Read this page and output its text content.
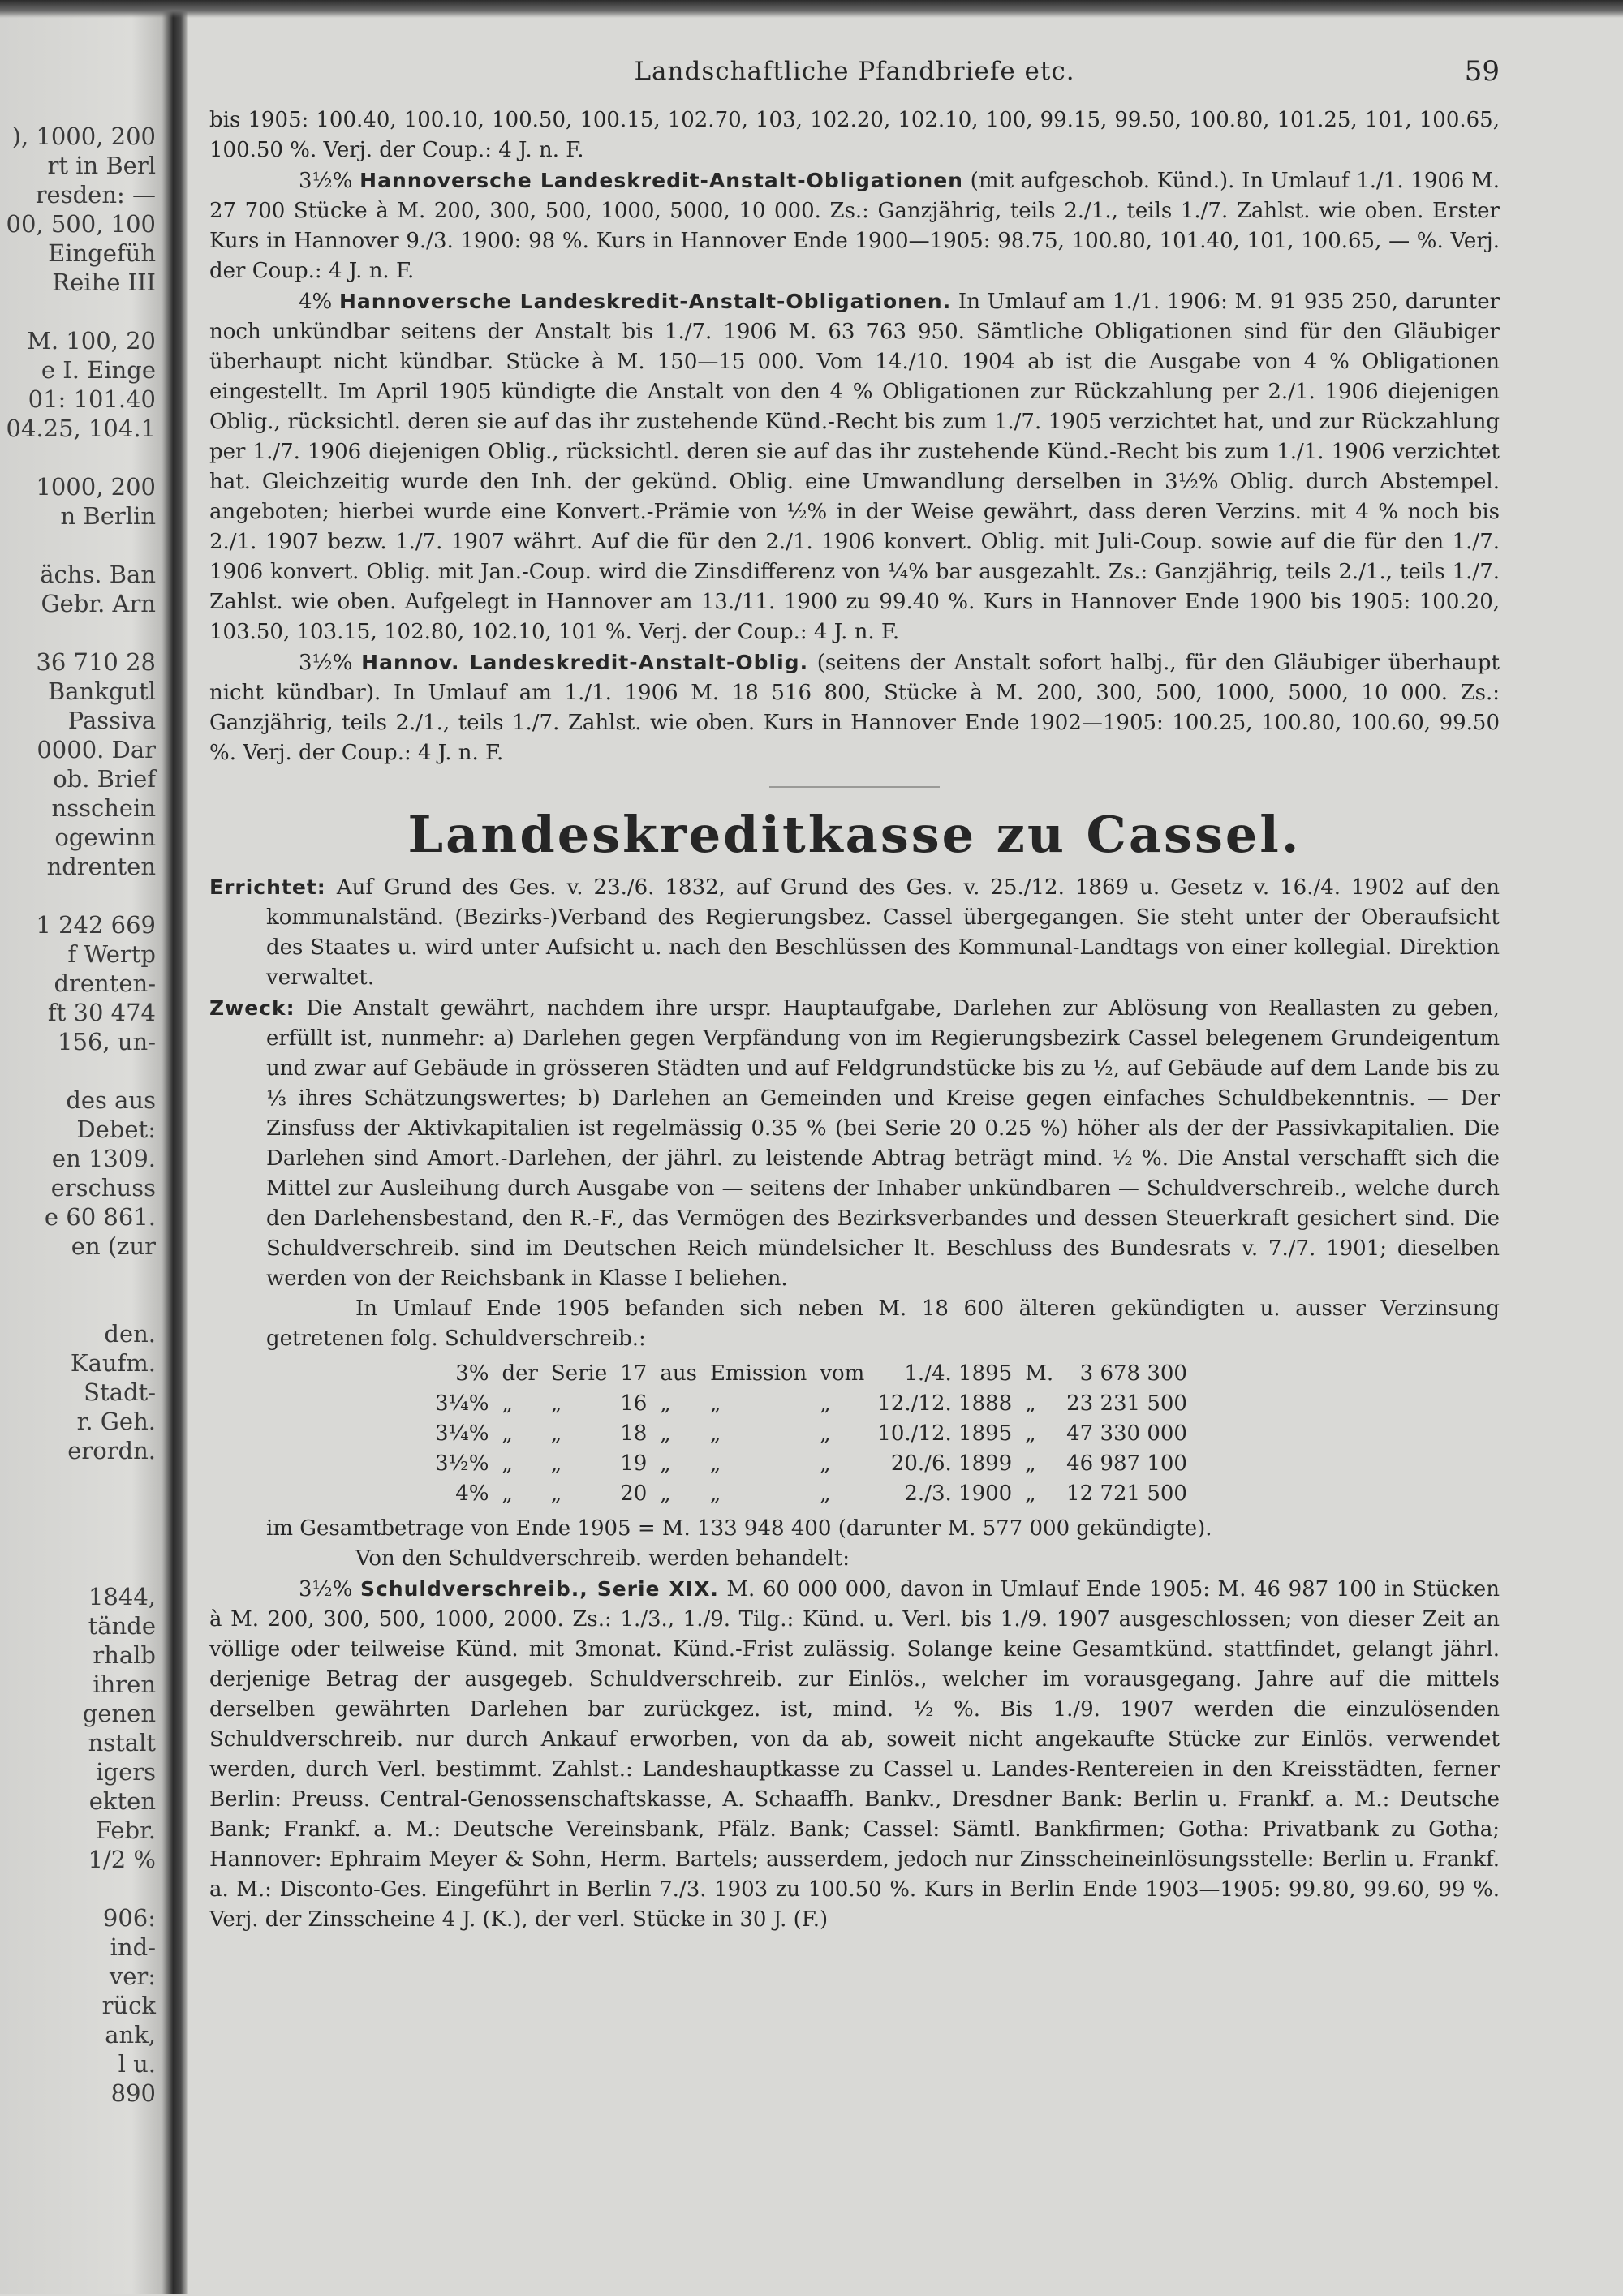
), 1000, 200
rt in Berl
resden: —
00, 500, 100
Eingefüh
Reihe III
M. 100, 20
e I. Einge
01: 101.40
04.25, 104.1
1000, 200
n Berlin
ächs. Ban
Gebr. Arn
36 710 28
Bankgutl
Passiva
0000. Dar
ob. Brief
nsschein
ogewinn
ndrenten
1 242 669
f Wertp
drenten-
ft 30 474
156, un-
des aus
Debet:
en 1309.
erschuss
e 60 861.
en (zur
den.
Kaufm.
Stadt-
r. Geh.
erordn.
1844,
tände
rhalb
ihren
genen
nstalt
igers
ekten
Febr.
1/2 %
906:
ind-
ver:
rück
ank,
l u.
890
Landschaftliche Pfandbriefe etc.	59

bis 1905: 100.40, 100.10, 100.50, 100.15, 102.70, 103, 102.20, 102.10, 100, 99.15, 99.50, 100.80, 101.25, 101, 100.65, 100.50 %. Verj. der Coup.: 4 J. n. F.

3½% Hannoversche Landeskredit-Anstalt-Obligationen (mit aufgeschob. Künd.). In Umlauf 1./1. 1906 M. 27 700 Stücke à M. 200, 300, 500, 1000, 5000, 10 000. Zs.: Ganzjährig, teils 2./1., teils 1./7. Zahlst. wie oben. Erster Kurs in Hannover 9./3. 1900: 98 %. Kurs in Hannover Ende 1900—1905: 98.75, 100.80, 101.40, 101, 100.65, — %. Verj. der Coup.: 4 J. n. F.

4% Hannoversche Landeskredit-Anstalt-Obligationen. In Umlauf am 1./1. 1906: M. 91 935 250, darunter noch unkündbar seitens der Anstalt bis 1./7. 1906 M. 63 763 950. Sämtliche Obligationen sind für den Gläubiger überhaupt nicht kündbar. Stücke à M. 150—15 000. Vom 14./10. 1904 ab ist die Ausgabe von 4 % Obligationen eingestellt. Im April 1905 kündigte die Anstalt von den 4 % Obligationen zur Rückzahlung per 2./1. 1906 diejenigen Oblig., rücksichtl. deren sie auf das ihr zustehende Künd.-Recht bis zum 1./7. 1905 verzichtet hat, und zur Rückzahlung per 1./7. 1906 diejenigen Oblig., rücksichtl. deren sie auf das ihr zustehende Künd.-Recht bis zum 1./1. 1906 verzichtet hat. Gleichzeitig wurde den Inh. der gekünd. Oblig. eine Umwandlung derselben in 3½% Oblig. durch Abstempel. angeboten; hierbei wurde eine Konvert.-Prämie von ½% in der Weise gewährt, dass deren Verzins. mit 4 % noch bis 2./1. 1907 bezw. 1./7. 1907 währt. Auf die für den 2./1. 1906 konvert. Oblig. mit Juli-Coup. sowie auf die für den 1./7. 1906 konvert. Oblig. mit Jan.-Coup. wird die Zinsdifferenz von ¼% bar ausgezahlt. Zs.: Ganzjährig, teils 2./1., teils 1./7. Zahlst. wie oben. Aufgelegt in Hannover am 13./11. 1900 zu 99.40 %. Kurs in Hannover Ende 1900 bis 1905: 100.20, 103.50, 103.15, 102.80, 102.10, 101 %. Verj. der Coup.: 4 J. n. F.

3½% Hannov. Landeskredit-Anstalt-Oblig. (seitens der Anstalt sofort halbj., für den Gläubiger überhaupt nicht kündbar). In Umlauf am 1./1. 1906 M. 18 516 800, Stücke à M. 200, 300, 500, 1000, 5000, 10 000. Zs.: Ganzjährig, teils 2./1., teils 1./7. Zahlst. wie oben. Kurs in Hannover Ende 1902—1905: 100.25, 100.80, 100.60, 99.50 %. Verj. der Coup.: 4 J. n. F.

Landeskreditkasse zu Cassel.

Errichtet: Auf Grund des Ges. v. 23./6. 1832, auf Grund des Ges. v. 25./12. 1869 u. Gesetz v. 16./4. 1902 auf den kommunalständ. (Bezirks-)Verband des Regierungsbez. Cassel übergegangen. Sie steht unter der Oberaufsicht des Staates u. wird unter Aufsicht u. nach den Beschlüssen des Kommunal-Landtags von einer kollegial. Direktion verwaltet.

Zweck: Die Anstalt gewährt, nachdem ihre urspr. Hauptaufgabe, Darlehen zur Ablösung von Reallasten zu geben, erfüllt ist, nunmehr: a) Darlehen gegen Verpfändung von im Regierungsbezirk Cassel belegenem Grundeigentum und zwar auf Gebäude in grösseren Städten und auf Feldgrundstücke bis zu ½, auf Gebäude auf dem Lande bis zu ⅓ ihres Schätzungswertes; b) Darlehen an Gemeinden und Kreise gegen einfaches Schuldbekenntnis. — Der Zinsfuss der Aktivkapitalien ist regelmässig 0.35 % (bei Serie 20 0.25 %) höher als der der Passivkapitalien. Die Darlehen sind Amort.-Darlehen, der jährl. zu leistende Abtrag beträgt mind. ½ %. Die Anstal verschafft sich die Mittel zur Ausleihung durch Ausgabe von — seitens der Inhaber unkündbaren — Schuldverschreib., welche durch den Darlehensbestand, den R.-F., das Vermögen des Bezirksverbandes und dessen Steuerkraft gesichert sind. Die Schuldverschreib. sind im Deutschen Reich mündelsicher lt. Beschluss des Bundesrats v. 7./7. 1901; dieselben werden von der Reichsbank in Klasse I beliehen.

In Umlauf Ende 1905 befanden sich neben M. 18 600 älteren gekündigten u. ausser Verzinsung getretenen folg. Schuldverschreib.:

3%	der	Serie	17	aus	Emission	vom	1./4. 1895	M.	3 678 300
3¼%	„	„	16	„	„	„	12./12. 1888	„	23 231 500
3¼%	„	„	18	„	„	„	10./12. 1895	„	47 330 000
3½%	„	„	19	„	„	„	20./6. 1899	„	46 987 100
4%	„	„	20	„	„	„	2./3. 1900	„	12 721 500

im Gesamtbetrage von Ende 1905 = M. 133 948 400 (darunter M. 577 000 gekündigte).

Von den Schuldverschreib. werden behandelt:

3½% Schuldverschreib., Serie XIX. M. 60 000 000, davon in Umlauf Ende 1905: M. 46 987 100 in Stücken à M. 200, 300, 500, 1000, 2000. Zs.: 1./3., 1./9. Tilg.: Künd. u. Verl. bis 1./9. 1907 ausgeschlossen; von dieser Zeit an völlige oder teilweise Künd. mit 3monat. Künd.-Frist zulässig. Solange keine Gesamtkünd. stattfindet, gelangt jährl. derjenige Betrag der ausgegeb. Schuldverschreib. zur Einlös., welcher im vorausgegang. Jahre auf die mittels derselben gewährten Darlehen bar zurückgez. ist, mind. ½ %. Bis 1./9. 1907 werden die einzulösenden Schuldverschreib. nur durch Ankauf erworben, von da ab, soweit nicht angekaufte Stücke zur Einlös. verwendet werden, durch Verl. bestimmt. Zahlst.: Landeshauptkasse zu Cassel u. Landes-Rentereien in den Kreisstädten, ferner Berlin: Preuss. Central-Genossenschaftskasse, A. Schaaffh. Bankv., Dresdner Bank: Berlin u. Frankf. a. M.: Deutsche Bank; Frankf. a. M.: Deutsche Vereinsbank, Pfälz. Bank; Cassel: Sämtl. Bankfirmen; Gotha: Privatbank zu Gotha; Hannover: Ephraim Meyer & Sohn, Herm. Bartels; ausserdem, jedoch nur Zinsscheineinlösungsstelle: Berlin u. Frankf. a. M.: Disconto-Ges. Eingeführt in Berlin 7./3. 1903 zu 100.50 %. Kurs in Berlin Ende 1903—1905: 99.80, 99.60, 99 %. Verj. der Zinsscheine 4 J. (K.), der verl. Stücke in 30 J. (F.)
